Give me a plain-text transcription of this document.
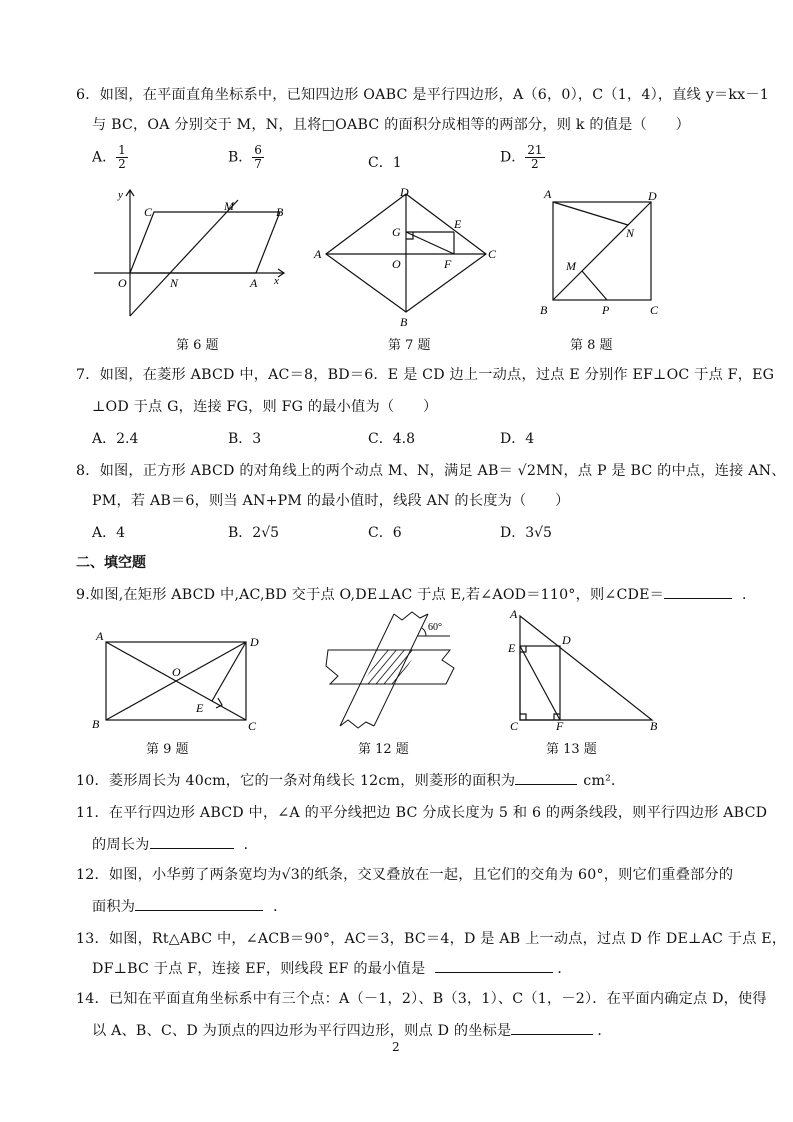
6．如图，在平面直角坐标系中，已知四边形 OABC 是平行四边形，A（6，0），C（1，4），直线 y＝kx－1
与 BC，OA 分别交于 M，N，且将□OABC 的面积分成相等的两部分，则 k 的值是（　　）
A． $\frac{1}{2}$	B． $\frac{6}{7}$	C．1	D． $\frac{21}{2}$
y
x
O	N	A
C	M	B
第 6 题
D
A	C
B
G
E
O	F
第 7 题
A	D
B	C
M
N
P
第 8 题
7．如图，在菱形 ABCD 中，AC＝8，BD＝6．E 是 CD 边上一动点，过点 E 分别作 EF⊥OC 于点 F，EG
⊥OD 于点 G，连接 FG，则 FG 的最小值为（　　）
A．2.4	B．3	C．4.8	D．4
8．如图，正方形 ABCD 的对角线上的两个动点 M、N，满足 AB＝ √2MN，点 P 是 BC 的中点，连接 AN、
PM，若 AB＝6，则当 AN+PM 的最小值时，线段 AN 的长度为（　　）
A．4	B．2√5	C．6	D．3√5
二、填空题
9.如图,在矩形 ABCD 中,AC,BD 交于点 O,DE⊥AC 于点 E,若∠AOD＝110°，则∠CDE＝	．
A	D
B	C
O
E
第 9 题
60°
第 12 题
A
D
E
C	F	B
第 13 题
10．菱形周长为 40cm，它的一条对角线长 12cm，则菱形的面积为	cm²．
11．在平行四边形 ABCD 中，∠A 的平分线把边 BC 分成长度为 5 和 6 的两条线段，则平行四边形 ABCD
的周长为	．
12．如图，小华剪了两条宽均为√3的纸条，交叉叠放在一起，且它们的交角为 60°，则它们重叠部分的
面积为	．
13．如图，Rt△ABC 中，∠ACB＝90°，AC＝3，BC＝4，D 是 AB 上一动点，过点 D 作 DE⊥AC 于点 E，
DF⊥BC 于点 F，连接 EF，则线段 EF 的最小值是	．
14．已知在平面直角坐标系中有三个点：A（－1，2）、B（3，1）、C（1，－2）．在平面内确定点 D，使得
以 A、B、C、D 为顶点的四边形为平行四边形，则点 D 的坐标是	．
2
